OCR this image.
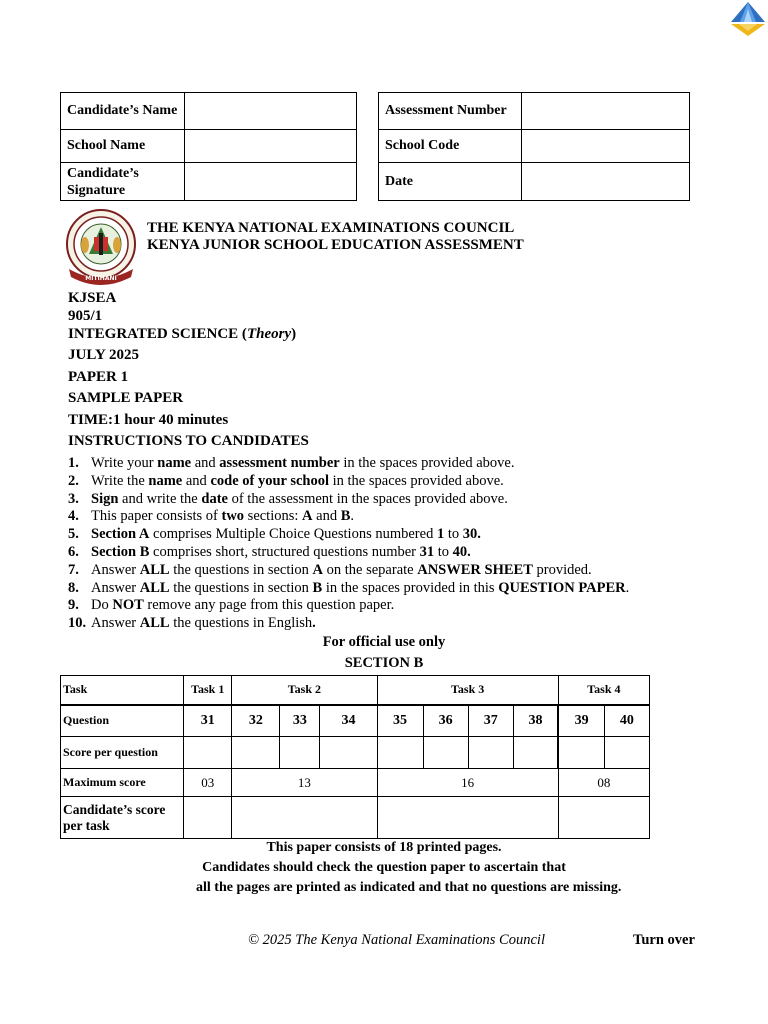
Candidate’s Name	
School Name	
Candidate’s
Signature	
Assessment Number	
School Code	
Date	
MITIHANI
THE KENYA NATIONAL EXAMINATIONS COUNCIL
KENYA JUNIOR SCHOOL EDUCATION ASSESSMENT
KJSEA
905/1
INTEGRATED SCIENCE (Theory)
JULY 2025
PAPER 1
SAMPLE PAPER
TIME:1 hour 40 minutes
INSTRUCTIONS TO CANDIDATES
1. Write your name and assessment number in the spaces provided above.
2. Write the name and code of your school in the spaces provided above.
3. Sign and write the date of the assessment in the spaces provided above.
4. This paper consists of two sections: A and B.
5. Section A comprises Multiple Choice Questions numbered 1 to 30.
6. Section B comprises short, structured questions number 31 to 40.
7. Answer ALL the questions in section A on the separate ANSWER SHEET provided.
8. Answer ALL the questions in section B in the spaces provided in this QUESTION PAPER.
9. Do NOT remove any page from this question paper.
10. Answer ALL the questions in English.
For official use only
SECTION B
Task	Task 1	Task 2			Task 3				Task 4	
Question	31	32	33	34	35	36	37	38	39	40
Score per question										
Maximum score	03	13			16				08	
Candidate’s score
per task										
This paper consists of 18 printed pages.
Candidates should check the question paper to ascertain that
all the pages are printed as indicated and that no questions are missing.
© 2025 The Kenya National Examinations Council	Turn over
